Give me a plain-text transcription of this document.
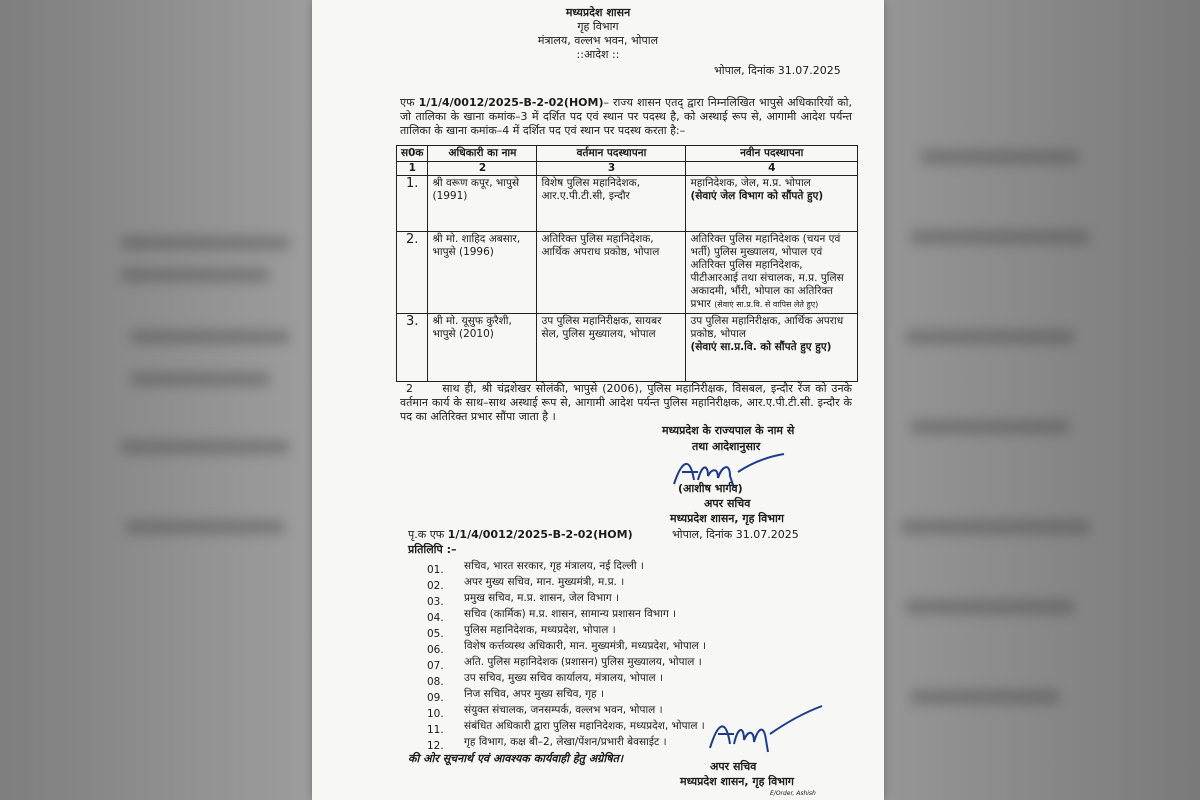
मध्यप्रदेश शासन
गृह विभाग
मंत्रालय, वल्लभ भवन, भोपाल
::आदेश ::
भोपाल, दिनांक 31.07.2025
एफ 1/1/4/0012/2025-B-2-02(HOM)– राज्य शासन एतद् द्वारा निम्नलिखित भापुसे अधिकारियों को, जो तालिका के खाना कमांक–3 में दर्शित पद एवं स्थान पर पदस्थ है, को अस्थाई रूप से, आगामी आदेश पर्यन्त तालिका के खाना कमांक–4 में दर्शित पद एवं स्थान पर पदस्थ करता है:–
स0क	अधिकारी का नाम	वर्तमान पदस्थापना	नवीन पदस्थापना
1	2	3	4
1.	श्री वरूण कपूर, भापुसे (1991)	विशेष पुलिस महानिदेशक, आर.ए.पी.टी.सी, इन्दौर	महानिदेशक, जेल, म.प्र. भोपाल
(सेवाएं जेल विभाग को सौंपते हुए)

2.	श्री मो. शाहिद अबसार, भापुसे (1996)	अतिरिक्त पुलिस महानिदेशक, आर्थिक अपराध प्रकोष्ठ, भोपाल	अतिरिक्त पुलिस महानिदेशक (चयन एवं भर्ती) पुलिस मुख्यालय, भोपाल एवं अतिरिक्त पुलिस महानिदेशक, पीटीआरआई तथा संचालक, म.प्र. पुलिस अकादमी, भौंरी, भोपाल का अतिरिक्त प्रभार (सेवाएं सा.प्र.वि. से वापिस लेते हुए)
3.	श्री मो. यूसुफ कुरैशी, भापुसे (2010)	उप पुलिस महानिरीक्षक, सायबर सेल, पुलिस मुख्यालय, भोपाल	उप पुलिस महानिरीक्षक, आर्थिक अपराध प्रकोष्ठ, भोपाल
(सेवाएं सा.प्र.वि. को सौंपते हुए हुए)
2	साथ ही, श्री चंद्रशेखर सोलंकी, भापुसे (2006), पुलिस महानिरीक्षक, विसबल, इन्दौर रेंज को उनके वर्तमान कार्य के साथ–साथ अस्थाई रूप से, आगामी आदेश पर्यन्त पुलिस महानिरीक्षक, आर.ए.पी.टी.सी. इन्दौर के पद का अतिरिक्त प्रभार सौंपा जाता है ।
मध्यप्रदेश के राज्यपाल के नाम से
तथा आदेशानुसार
(आशीष भार्गव)
अपर सचिव
मध्यप्रदेश शासन, गृह विभाग
पृ.क एफ 1/1/4/0012/2025-B-2-02(HOM)	भोपाल, दिनांक 31.07.2025
प्रतिलिपि :–
01. सचिव, भारत सरकार, गृह मंत्रालय, नई दिल्ली ।
02. अपर मुख्य सचिव, मान. मुख्यमंत्री, म.प्र. ।
03. प्रमुख सचिव, म.प्र. शासन, जेल विभाग ।
04. सचिव (कार्मिक) म.प्र. शासन, सामान्य प्रशासन विभाग ।
05. पुलिस महानिदेशक, मध्यप्रदेश, भोपाल ।
06. विशेष कर्त्तव्यस्थ अधिकारी, मान. मुख्यमंत्री, मध्यप्रदेश, भोपाल ।
07. अति. पुलिस महानिदेशक (प्रशासन) पुलिस मुख्यालय, भोपाल ।
08. उप सचिव, मुख्य सचिव कार्यालय, मंत्रालय, भोपाल ।
09. निज सचिव, अपर मुख्य सचिव, गृह ।
10. संयुक्त संचालक, जनसम्पर्क, वल्लभ भवन, भोपाल ।
11. संबंधित अधिकारी द्वारा पुलिस महानिदेशक, मध्यप्रदेश, भोपाल ।
12. गृह विभाग, कक्ष बी–2, लेखा/पेंशन/प्रभारी बेवसाईट ।
की ओर सूचनार्थ एवं आवश्यक कार्यवाही हेतु अग्रेषित।
अपर सचिव
मध्यप्रदेश शासन, गृह विभाग
E/Order, Ashish
